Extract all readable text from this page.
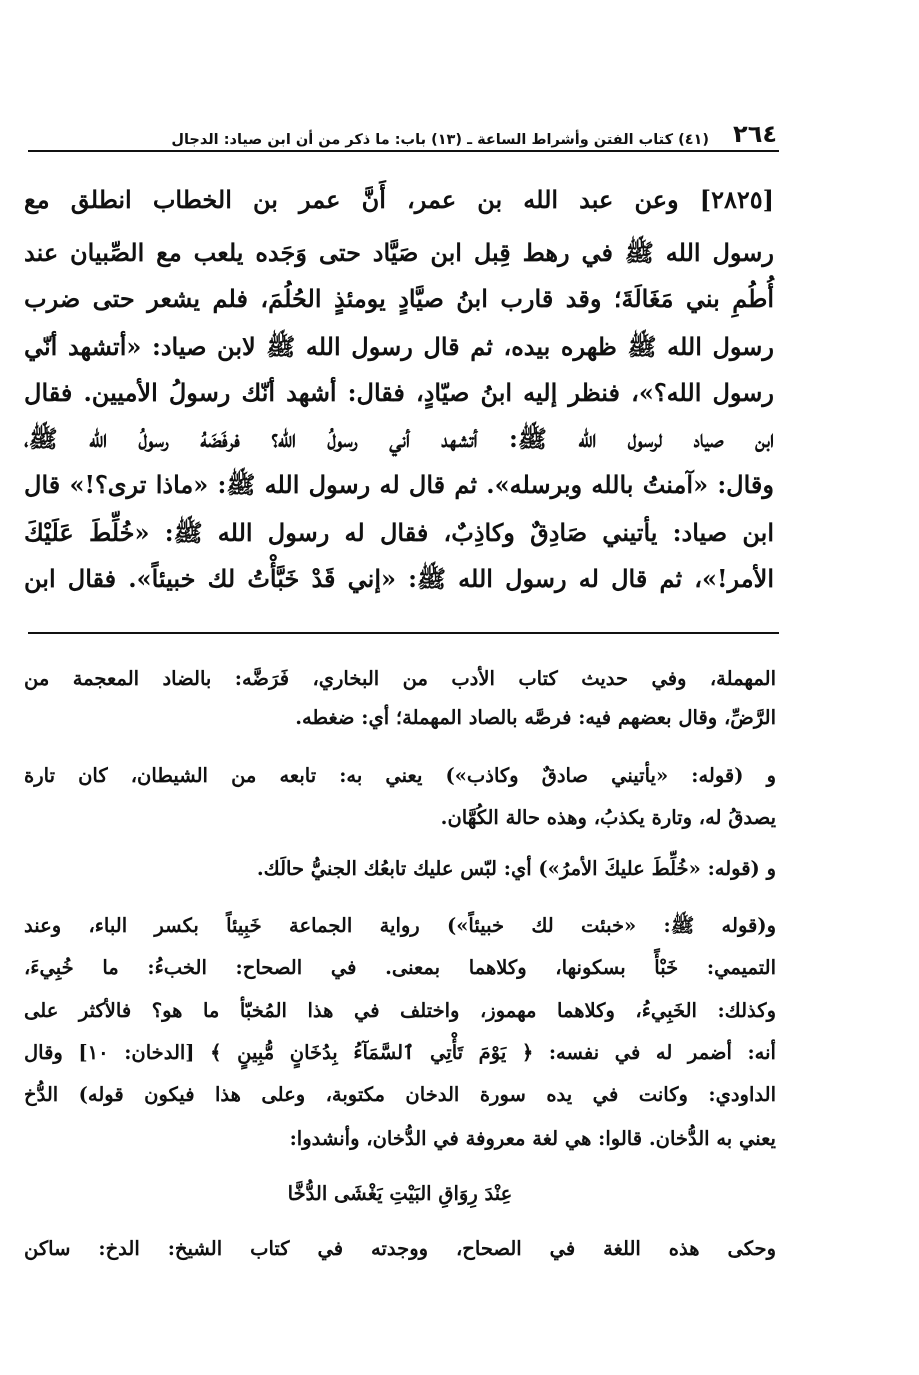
٢٦٤
(٤١) كتاب الفتن وأشراط الساعة ـ (١٣) باب: ما ذكر من أن ابن صياد: الدجال
[٢٨٢٥] وعن عبد الله بن عمر، أَنَّ عمر بن الخطاب انطلق مع
رسول الله ﷺ في رهط قِبل ابن صَيَّاد حتى وَجَده يلعب مع الصِّبيان عند
أُطُمِ بني مَغَالَةَ؛ وقد قارب ابنُ صيَّادٍ يومئذٍ الحُلُمَ، فلم يشعر حتى ضرب
رسول الله ﷺ ظهره بيده، ثم قال رسول الله ﷺ لابن صياد: «أتشهد أنّي
رسول الله؟»، فنظر إليه ابنُ صيّادٍ، فقال: أشهد أنّك رسولُ الأميين. فقال
ابن صياد لرسول الله ﷺ: أتشهد أني رسولُ الله؟ فرفَضَهُ رسولُ الله ﷺ،
وقال: «آمنتُ بالله وبرسله». ثم قال له رسول الله ﷺ: «ماذا ترى؟!» قال
ابن صياد: يأتيني صَادِقٌ وكاذِبٌ، فقال له رسول الله ﷺ: «خُلِّطَ عَلَيْكَ
الأمر!»، ثم قال له رسول الله ﷺ: «إني قَدْ خَبَّأْتُ لك خبيئاً». فقال ابن
المهملة، وفي حديث كتاب الأدب من البخاري، فَرَضَّه: بالضاد المعجمة من
الرَّضِّ، وقال بعضهم فيه: فرصَّه بالصاد المهملة؛ أي: ضغطه.
و (قوله: «يأتيني صادقٌ وكاذب») يعني به: تابعه من الشيطان، كان تارة
يصدقُ له، وتارة يكذبُ، وهذه حالة الكُهَّان.
و (قوله: «خُلِّطَ عليكَ الأمرُ») أي: لبّس عليك تابعُك الجنيُّ حالَك.
و(قوله ﷺ: «خبئت لك خبيئاً») رواية الجماعة خَبِيئاً بكسر الباء، وعند
التميمي: خَبْأً بسكونها، وكلاهما بمعنى. في الصحاح: الخبءُ: ما خُبِيءَ،
وكذلك: الخَبِيءُ، وكلاهما مهموز، واختلف في هذا المُخبّأ ما هو؟ فالأكثر على
أنه: أضمر له في نفسه: ﴿ يَوْمَ تَأْتِي ٱلسَّمَآءُ بِدُخَانٍ مُّبِينٍ ﴾ [الدخان: ١٠] وقال
الداودي: وكانت في يده سورة الدخان مكتوبة، وعلى هذا فيكون قوله) الدُّخ
يعني به الدُّخان. قالوا: هي لغة معروفة في الدُّخان، وأنشدوا:
عِنْدَ رِوَاقِ البَيْتِ يَغْشَى الدُّخَّا
وحكى هذه اللغة في الصحاح، ووجدته في كتاب الشيخ: الدخ: ساكن
